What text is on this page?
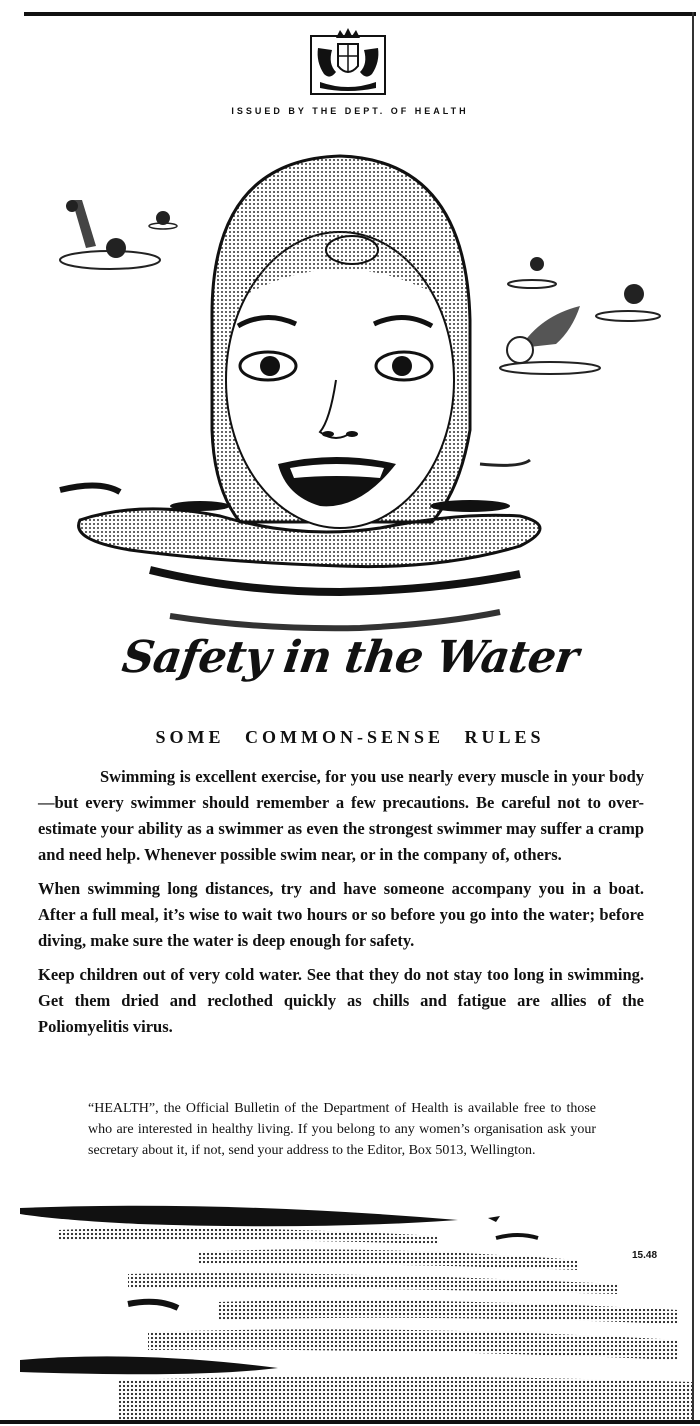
ISSUED BY THE DEPT. OF HEALTH
Safety in the Water
SOME COMMON-SENSE RULES

Swimming is excellent exercise, for you use nearly every muscle in your body—but every swimmer should remember a few precautions. Be careful not to over-estimate your ability as a swimmer as even the strongest swimmer may suffer a cramp and need help. Whenever possible swim near, or in the company of, others.

When swimming long distances, try and have someone accompany you in a boat. After a full meal, it’s wise to wait two hours or so before you go into the water; before diving, make sure the water is deep enough for safety.

Keep children out of very cold water. See that they do not stay too long in swimming. Get them dried and reclothed quickly as chills and fatigue are allies of the Poliomyelitis virus.

“HEALTH”, the Official Bulletin of the Department of Health is available free to those who are interested in healthy living. If you belong to any women’s organisation ask your secretary about it, if not, send your address to the Editor, Box 5013, Wellington.
15.48
